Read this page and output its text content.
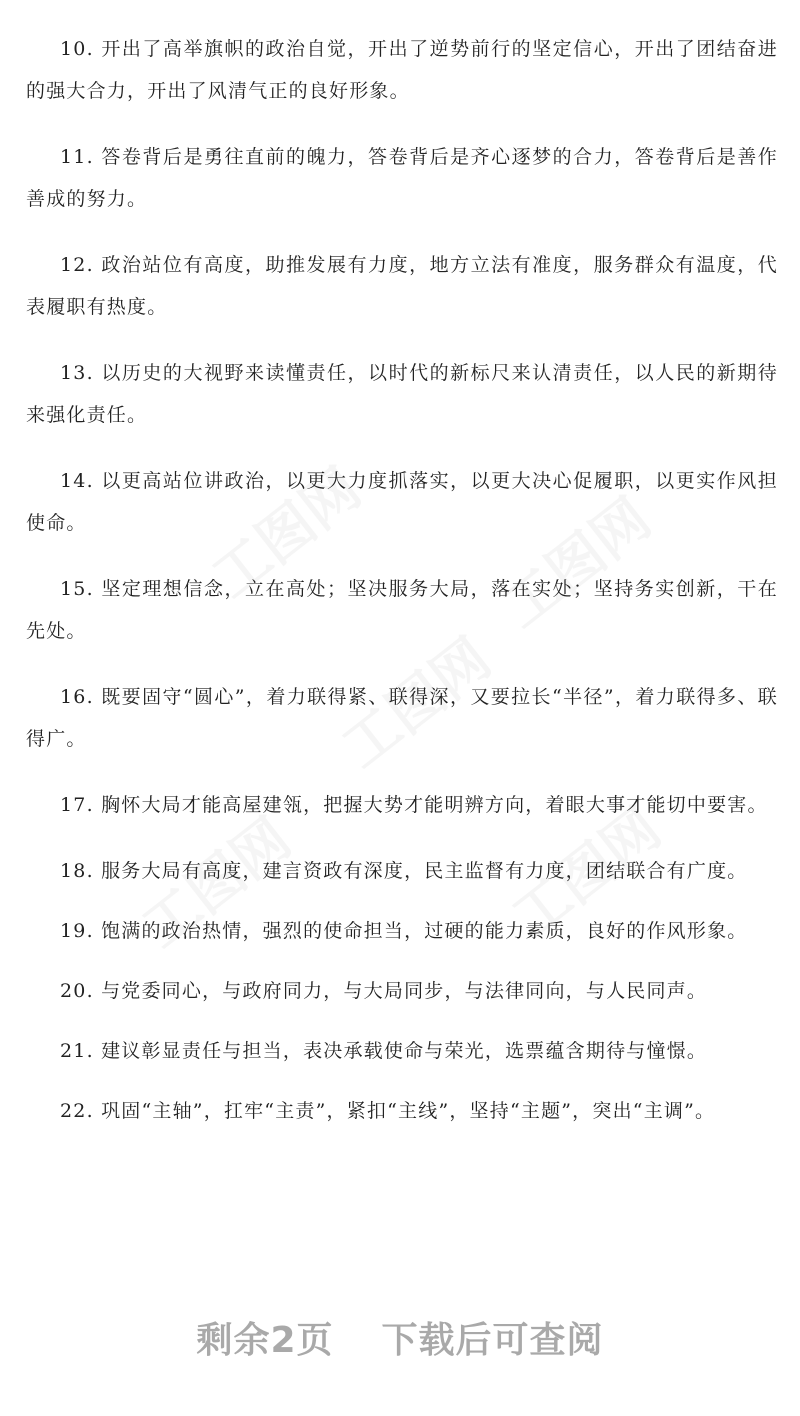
工图网 工图网
工图网
工图网	工图网

10. 开出了高举旗帜的政治自觉，开出了逆势前行的坚定信心，开出了团结奋进的强大合力，开出了风清气正的良好形象。

11. 答卷背后是勇往直前的魄力，答卷背后是齐心逐梦的合力，答卷背后是善作善成的努力。

12. 政治站位有高度，助推发展有力度，地方立法有准度，服务群众有温度，代表履职有热度。

13. 以历史的大视野来读懂责任，以时代的新标尺来认清责任，以人民的新期待来强化责任。

14. 以更高站位讲政治，以更大力度抓落实，以更大决心促履职，以更实作风担使命。

15. 坚定理想信念，立在高处；坚决服务大局，落在实处；坚持务实创新，干在先处。

16. 既要固守“圆心”，着力联得紧、联得深，又要拉长“半径”，着力联得多、联得广。

17. 胸怀大局才能高屋建瓴，把握大势才能明辨方向，着眼大事才能切中要害。

18. 服务大局有高度，建言资政有深度，民主监督有力度，团结联合有广度。

19. 饱满的政治热情，强烈的使命担当，过硬的能力素质，良好的作风形象。

20. 与党委同心，与政府同力，与大局同步，与法律同向，与人民同声。

21. 建议彰显责任与担当，表决承载使命与荣光，选票蕴含期待与憧憬。

22. 巩固“主轴”，扛牢“主责”，紧扣“主线”，坚持“主题”，突出“主调”。

剩余2页 下载后可查阅
